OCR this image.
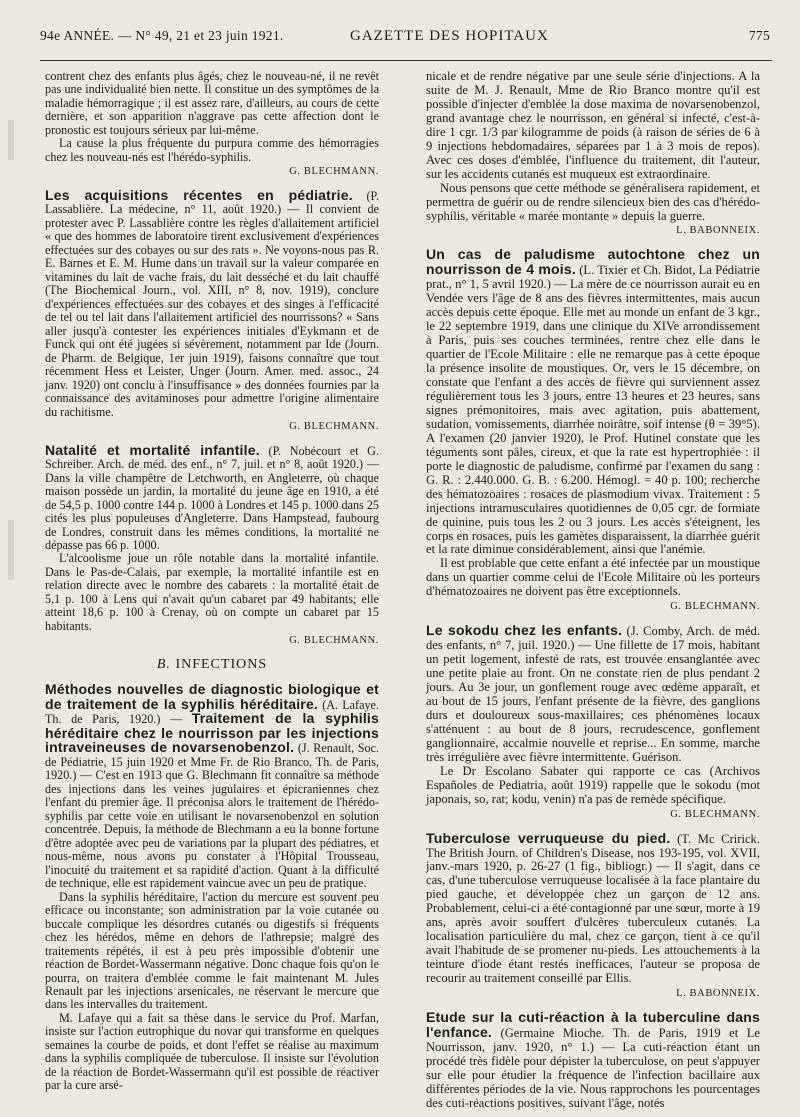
94e ANNÉE. — N° 49, 21 et 23 juin 1921.	GAZETTE DES HOPITAUX	775

contrent chez des enfants plus âgés, chez le nouveau-né, il ne revêt pas une individualité bien nette. Il constitue un des symptômes de la maladie hémorragique ; il est assez rare, d'ailleurs, au cours de cette dernière, et son apparition n'aggrave pas cette affection dont le pronostic est toujours sérieux par lui-même.

La cause la plus fréquente du purpura comme des hémorragies chez les nouveau-nés est l'hérédo-syphilis.

G. BLECHMANN.

Les acquisitions récentes en pédiatrie. (P. Lassablière. La médecine, n° 11, août 1920.) — Il convient de protester avec P. Lassablière contre les règles d'allaitement artificiel « que des hommes de laboratoire tirent exclusivement d'expériences effectuées sur des cobayes ou sur des rats ». Ne voyons-nous pas R. E. Barnes et E. M. Hume dans un travail sur la valeur comparée en vitamines du lait de vache frais, du lait desséché et du lait chauffé (The Biochemical Journ., vol. XIII, n° 8, nov. 1919), conclure d'expériences effectuées sur des cobayes et des singes à l'efficacité de tel ou tel lait dans l'allaitement artificiel des nourrissons? « Sans aller jusqu'à contester les expériences initiales d'Eykmann et de Funck qui ont été jugées si sévèrement, notamment par Ide (Journ. de Pharm. de Belgique, 1er juin 1919), faisons connaître que tout récemment Hess et Leister, Unger (Journ. Amer. med. assoc., 24 janv. 1920) ont conclu à l'insuffisance » des données fournies par la connaissance des avitaminoses pour admettre l'origine alimentaire du rachitisme.

G. BLECHMANN.

Natalité et mortalité infantile. (P. Nobécourt et G. Schreiber. Arch. de méd. des enf., n° 7, juil. et n° 8, août 1920.) — Dans la ville champêtre de Letchworth, en Angleterre, où chaque maison possède un jardin, la mortalité du jeune âge en 1910, a été de 54,5 p. 1000 contre 144 p. 1000 à Londres et 145 p. 1000 dans 25 cités les plus populeuses d'Angleterre. Dans Hampstead, faubourg de Londres, construit dans les mêmes conditions, la mortalité ne dépasse pas 66 p. 1000.

L'alcoolisme joue un rôle notable dans la mortalité infantile. Dans le Pas-de-Calais, par exemple, la mortalité infantile est en relation directe avec le nombre des cabarets : la mortalité était de 5,1 p. 100 à Lens qui n'avait qu'un cabaret par 49 habitants; elle atteint 18,6 p. 100 à Crenay, où on compte un cabaret par 15 habitants.

G. BLECHMANN.
B. INFECTIONS

Méthodes nouvelles de diagnostic biologique et de traitement de la syphilis héréditaire. (A. Lafaye. Th. de Paris, 1920.) — Traitement de la syphilis héréditaire chez le nourrisson par les injections intraveineuses de novarsenobenzol. (J. Renault, Soc. de Pédiatrie, 15 juin 1920 et Mme Fr. de Rio Branco, Th. de Paris, 1920.) — C'est en 1913 que G. Blechmann fit connaître sa méthode des injections dans les veines jugulaires et épicraniennes chez l'enfant du premier âge. Il préconisa alors le traitement de l'hérédo-syphilis par cette voie en utilisant le novarsenobenzol en solution concentrée. Depuis, la méthode de Blechmann a eu la bonne fortune d'être adoptée avec peu de variations par la plupart des pédiatres, et nous-même, nous avons pu constater à l'Hôpital Trousseau, l'inocuité du traitement et sa rapidité d'action. Quant à la difficulté de technique, elle est rapidement vaincue avec un peu de pratique.

Dans la syphilis héréditaire, l'action du mercure est souvent peu efficace ou inconstante; son administration par la voie cutanée ou buccale complique les désordres cutanés ou digestifs si fréquents chez les hérédos, même en dehors de l'athrepsie; malgré des traitements répétés, il est à peu près impossible d'obtenir une réaction de Bordet-Wassermann négative. Donc chaque fois qu'on le pourra, on traitera d'emblée comme le fait maintenant M. Jules Renault par les injections arsenicales, ne réservant le mercure que dans les intervalles du traitement.

M. Lafaye qui a fait sa thèse dans le service du Prof. Marfan, insiste sur l'action eutrophique du novar qui transforme en quelques semaines la courbe de poids, et dont l'effet se réalise au maximum dans la syphilis compliquée de tuberculose. Il insiste sur l'évolution de la réaction de Bordet-Wassermann qu'il est possible de réactiver par la cure arsé-

nicale et de rendre négative par une seule série d'injections. A la suite de M. J. Renault, Mme de Rio Branco montre qu'il est possible d'injecter d'emblée la dose maxima de novarsenobenzol, grand avantage chez le nourrisson, en général si infecté, c'est-à-dire 1 cgr. 1/3 par kilogramme de poids (à raison de séries de 6 à 9 injections hebdomadaires, séparées par 1 à 3 mois de repos). Avec ces doses d'emblée, l'influence du traitement, dit l'auteur, sur les accidents cutanés est muqueux est extraordinaire.

Nous pensons que cette méthode se généralisera rapidement, et permettra de guérir ou de rendre silencieux bien des cas d'hérédo-syphilis, véritable « marée montante » depuis la guerre.

L. BABONNEIX.

Un cas de paludisme autochtone chez un nourrisson de 4 mois. (L. Tixier et Ch. Bidot, La Pédiatrie prat., n° 1, 5 avril 1920.) — La mère de ce nourrisson aurait eu en Vendée vers l'âge de 8 ans des fièvres intermittentes, mais aucun accès depuis cette époque. Elle met au monde un enfant de 3 kgr., le 22 septembre 1919, dans une clinique du XIVe arrondissement à Paris, puis ses couches terminées, rentre chez elle dans le quartier de l'Ecole Militaire : elle ne remarque pas à cette époque la présence insolite de moustiques. Or, vers le 15 décembre, on constate que l'enfant a des accès de fièvre qui surviennent assez régulièrement tous les 3 jours, entre 13 heures et 23 heures, sans signes prémonitoires, mais avec agitation, puis abattement, sudation, vomissements, diarrhée noirâtre, soif intense (θ = 39°5). A l'examen (20 janvier 1920), le Prof. Hutinel constate que les téguments sont pâles, cireux, et que la rate est hypertrophiée : il porte le diagnostic de paludisme, confirmé par l'examen du sang : G. R. : 2.440.000. G. B. : 6.200. Hémogl. = 40 p. 100; recherche des hématozoaires : rosaces de plasmodium vivax. Traitement : 5 injections intramusculaires quotidiennes de 0,05 cgr. de formiate de quinine, puis tous les 2 ou 3 jours. Les accès s'éteignent, les corps en rosaces, puis les gamètes disparaissent, la diarrhée guérit et la rate diminue considérablement, ainsi que l'anémie.

Il est problable que cette enfant a été infectée par un moustique dans un quartier comme celui de l'Ecole Militaire où les porteurs d'hématozoaires ne doivent pas être exceptionnels.

G. BLECHMANN.

Le sokodu chez les enfants. (J. Comby, Arch. de méd. des enfants, n° 7, juil. 1920.) — Une fillette de 17 mois, habitant un petit logement, infesté de rats, est trouvée ensanglantée avec une petite plaie au front. On ne constate rien de plus pendant 2 jours. Au 3e jour, un gonflement rouge avec œdème apparaît, et au bout de 15 jours, l'enfant présente de la fièvre, des ganglions durs et douloureux sous-maxillaires; ces phénomènes locaux s'atténuent : au bout de 8 jours, recrudescence, gonflement ganglionnaire, accalmie nouvelle et reprise... En somme, marche très irrégulière avec fièvre intermittente. Guérison.

Le Dr Escolano Sabater qui rapporte ce cas (Archivos Españoles de Pediatria, août 1919) rappelle que le sokodu (mot japonais, so, rat; kodu, venin) n'a pas de remède spécifique.

G. BLECHMANN.

Tuberculose verruqueuse du pied. (T. Mc Cririck. The British Journ. of Children's Disease, nos 193-195, vol. XVII, janv.-mars 1920, p. 26-27 (1 fig., bibliogr.) — Il s'agit, dans ce cas, d'une tuberculose verruqueuse localisée à la face plantaire du pied gauche, et développée chez un garçon de 12 ans. Probablement, celui-ci a été contagionné par une sœur, morte à 19 ans, après avoir souffert d'ulcères tuberculeux cutanés. La localisation particulière du mal, chez ce garçon, tient à ce qu'il avait l'habitude de se promener nu-pieds. Les attouchements à la teinture d'iode étant restés inefficaces, l'auteur se proposa de recourir au traitement conseillé par Ellis.

L. BABONNEIX.

Etude sur la cuti-réaction à la tuberculine dans l'enfance. (Germaine Mioche. Th. de Paris, 1919 et Le Nourrisson, janv. 1920, n° 1.) — La cuti-réaction étant un procédé très fidèle pour dépister la tuberculose, on peut s'appuyer sur elle pour étudier la fréquence de l'infection bacillaire aux différentes périodes de la vie. Nous rapprochons les pourcentages des cuti-réactions positives, suivant l'âge, notés
